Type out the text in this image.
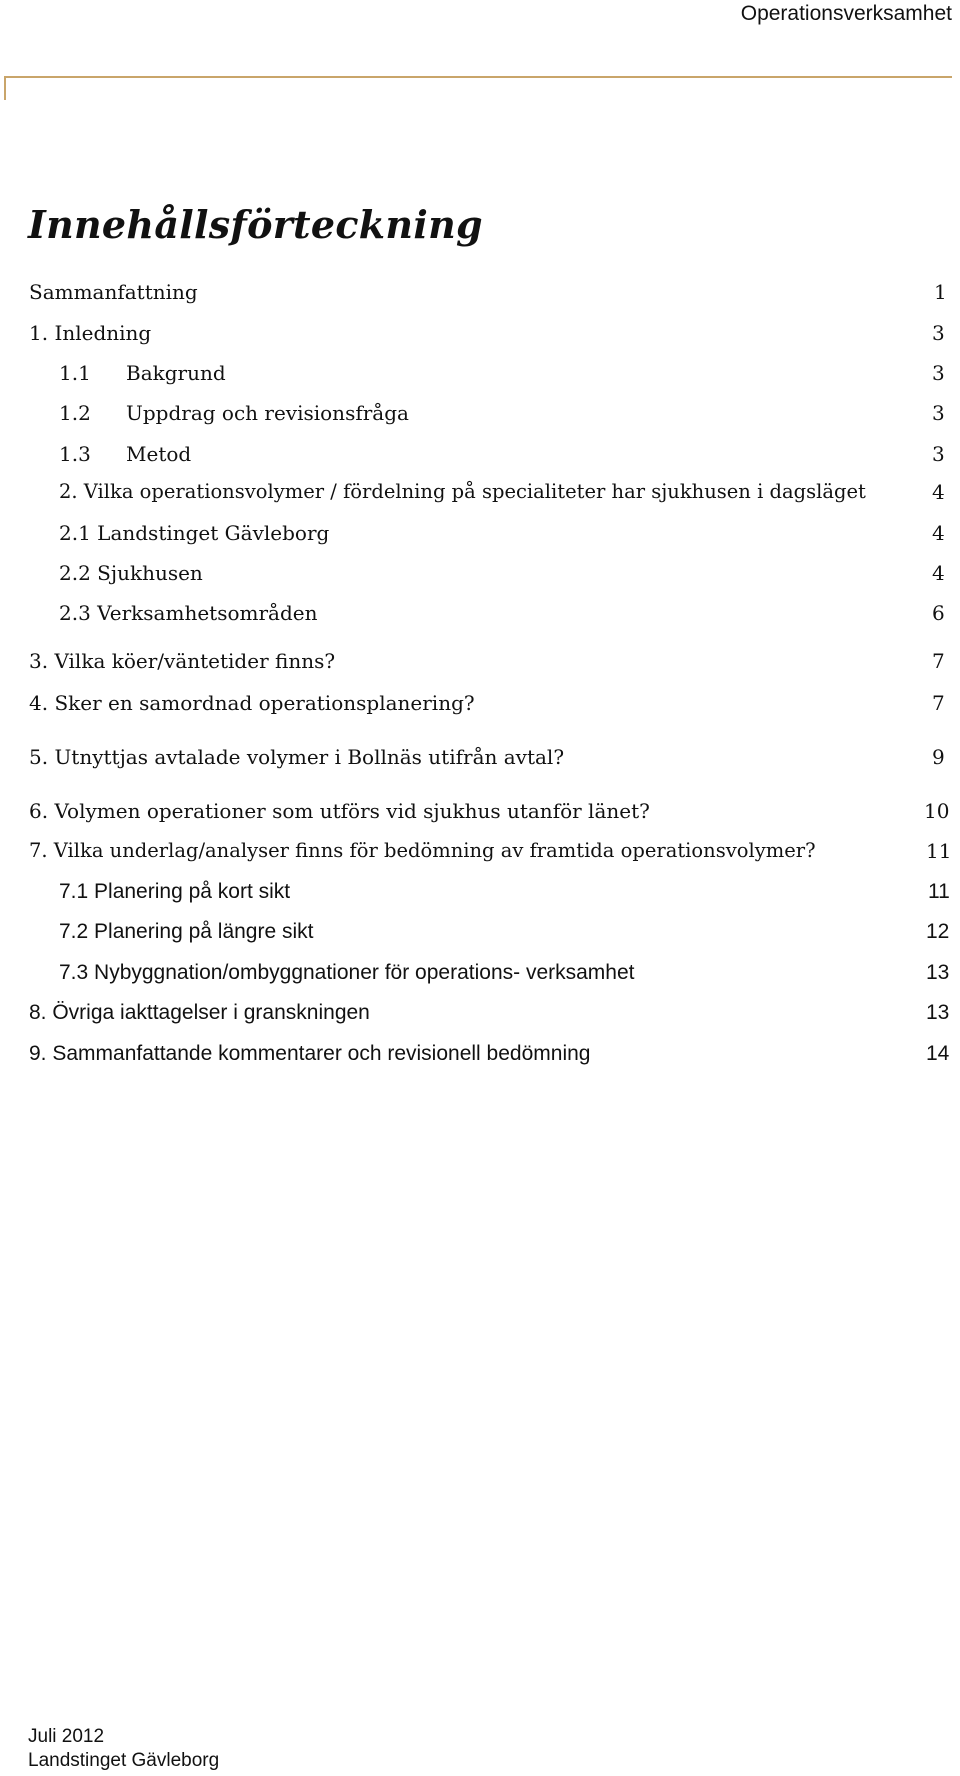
Operationsverksamhet
Innehållsförteckning
Sammanfattning	1
1. Inledning	3
1.1 Bakgrund	3
1.2 Uppdrag och revisionsfråga	3
1.3 Metod	3
2. Vilka operationsvolymer / fördelning på specialiteter har sjukhusen i dagsläget	4
2.1 Landstinget Gävleborg	4
2.2 Sjukhusen	4
2.3 Verksamhetsområden	6
3. Vilka köer/väntetider finns?	7
4. Sker en samordnad operationsplanering?	7
5. Utnyttjas avtalade volymer i Bollnäs utifrån avtal?	9
6. Volymen operationer som utförs vid sjukhus utanför länet?	10
7. Vilka underlag/analyser finns för bedömning av framtida operationsvolymer?	11
7.1 Planering på kort sikt	11
7.2 Planering på längre sikt	12
7.3 Nybyggnation/ombyggnationer för operations- verksamhet	13
8. Övriga iakttagelser i granskningen	13
9. Sammanfattande kommentarer och revisionell bedömning	14
Juli 2012
Landstinget Gävleborg
